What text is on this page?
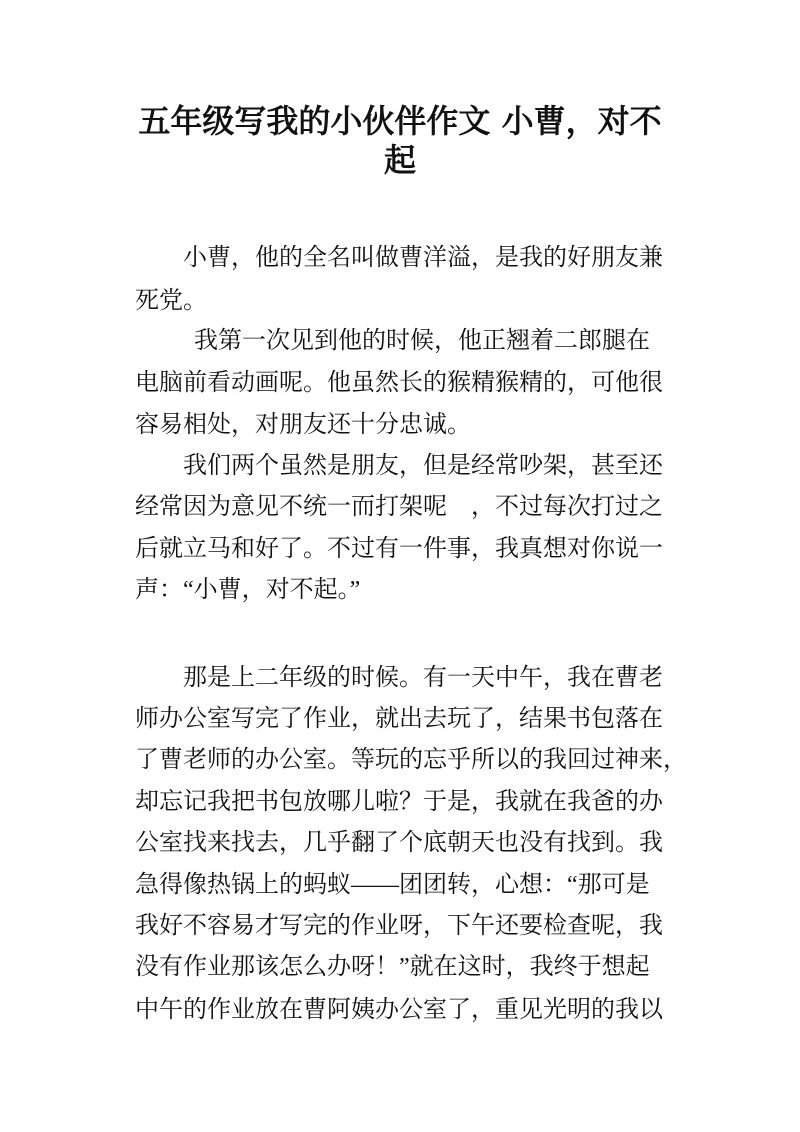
五年级写我的小伙伴作文 小曹，对不
起
小曹，他的全名叫做曹洋溢，是我的好朋友兼
死党。
我第一次见到他的时候，他正翘着二郎腿在
电脑前看动画呢。他虽然长的猴精猴精的，可他很
容易相处，对朋友还十分忠诚。
我们两个虽然是朋友，但是经常吵架，甚至还
经常因为意见不统一而打架呢    ，不过每次打过之
后就立马和好了。不过有一件事，我真想对你说一
声：“小曹，对不起。”
那是上二年级的时候。有一天中午，我在曹老
师办公室写完了作业，就出去玩了，结果书包落在
了曹老师的办公室。等玩的忘乎所以的我回过神来，
却忘记我把书包放哪儿啦？于是，我就在我爸的办
公室找来找去，几乎翻了个底朝天也没有找到。我
急得像热锅上的蚂蚁——团团转，心想：“那可是
我好不容易才写完的作业呀，下午还要检查呢，我
没有作业那该怎么办呀！”就在这时，我终于想起
中午的作业放在曹阿姨办公室了，重见光明的我以
